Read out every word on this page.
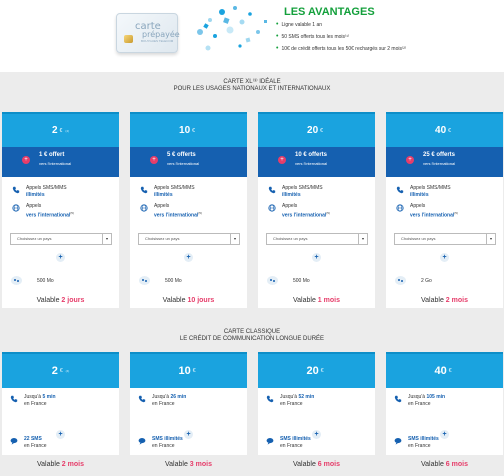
carte
prépayée
BOUYGUES TELECOM
LES AVANTAGES
• Ligne valable 1 an
• 50 SMS offerts tous les mois⁽¹⁾
• 10€ de crédit offerts tous les 50€ rechargés sur 2 mois⁽²⁾
CARTE XL⁽³⁾ IDÉALE
POUR LES USAGES NATIONAUX ET INTERNATIONAUX
2 € (4)
+
1 € offert
vers l'international
Appels SMS/MMS
illimités
Appels
vers l'international$^{(5)}$
Choisissez un pays	▾
+
500 Mo
Valable 2 jours
10 €
+
5 € offerts
vers l'international
Appels SMS/MMS
illimités
Appels
vers l'international$^{(5)}$
Choisissez un pays	▾
+
500 Mo
Valable 10 jours
20 €
+
10 € offerts
vers l'international
Appels SMS/MMS
illimités
Appels
vers l'international$^{(5)}$
Choisissez un pays	▾
+
500 Mo
Valable 1 mois
40 €
+
25 € offerts
vers l'international
Appels SMS/MMS
illimités
Appels
vers l'international$^{(5)}$
Choisissez un pays	▾
+
2 Go
Valable 2 mois
CARTE CLASSIQUE
LE CRÉDIT DE COMMUNICATION LONGUE DURÉE
2 € (4)
Jusqu'à 5 min
en France
+
22 SMS
en France
Valable 2 mois
10 €
Jusqu'à 26 min
en France
+
SMS illimités
en France
Valable 3 mois
20 €
Jusqu'à 52 min
en France
+
SMS illimités
en France
Valable 6 mois
40 €
Jusqu'à 105 min
en France
+
SMS illimités
en France
Valable 6 mois
